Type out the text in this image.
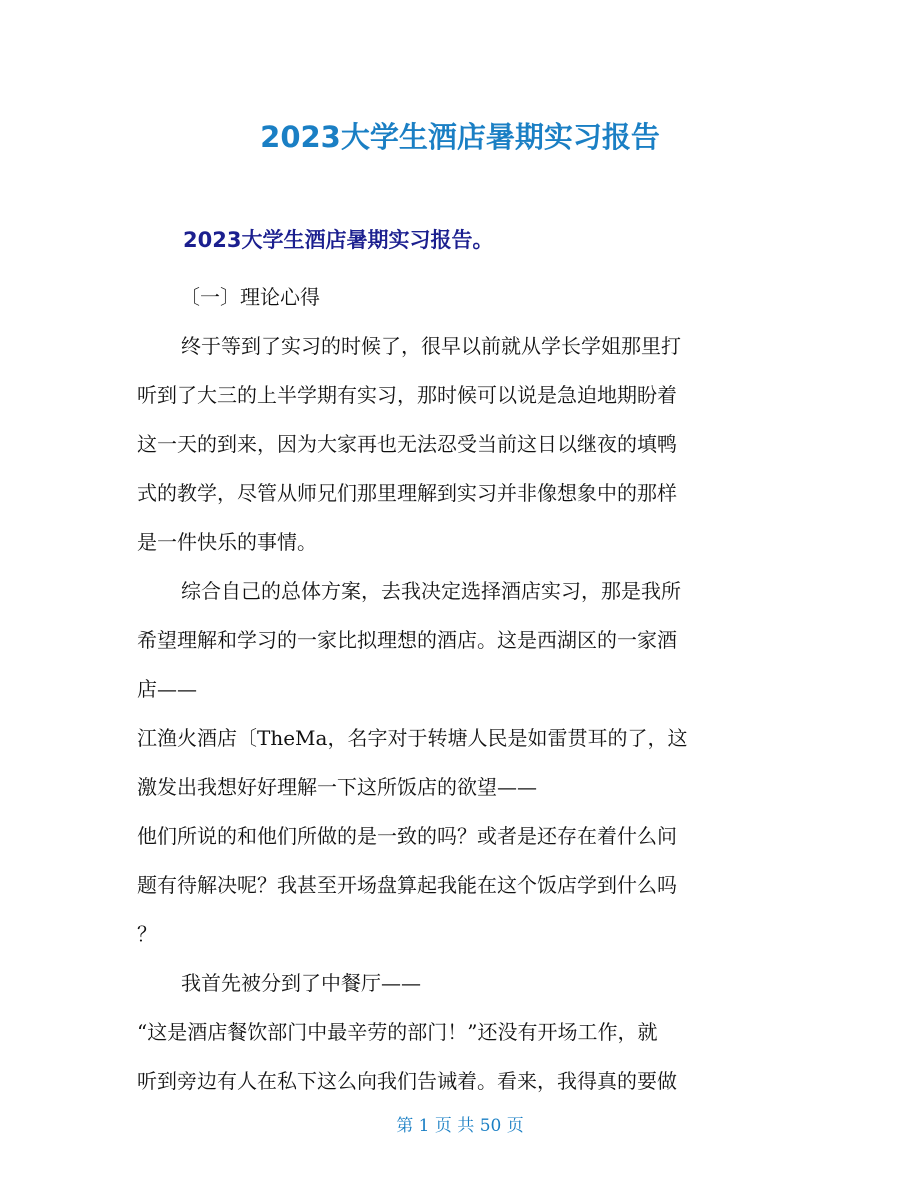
2023大学生酒店暑期实习报告
2023大学生酒店暑期实习报告。
〔一〕理论心得
终于等到了实习的时候了，很早以前就从学长学姐那里打
听到了大三的上半学期有实习，那时候可以说是急迫地期盼着
这一天的到来，因为大家再也无法忍受当前这日以继夜的填鸭
式的教学，尽管从师兄们那里理解到实习并非像想象中的那样
是一件快乐的事情。
综合自己的总体方案，去我决定选择酒店实习，那是我所
希望理解和学习的一家比拟理想的酒店。这是西湖区的一家酒
店——
江渔火酒店〔TheMa，名字对于转塘人民是如雷贯耳的了，这
激发出我想好好理解一下这所饭店的欲望——
他们所说的和他们所做的是一致的吗？或者是还存在着什么问
题有待解决呢？我甚至开场盘算起我能在这个饭店学到什么吗
？
我首先被分到了中餐厅——
“这是酒店餐饮部门中最辛劳的部门！”还没有开场工作，就
听到旁边有人在私下这么向我们告诫着。看来，我得真的要做
第 1 页 共 50 页
